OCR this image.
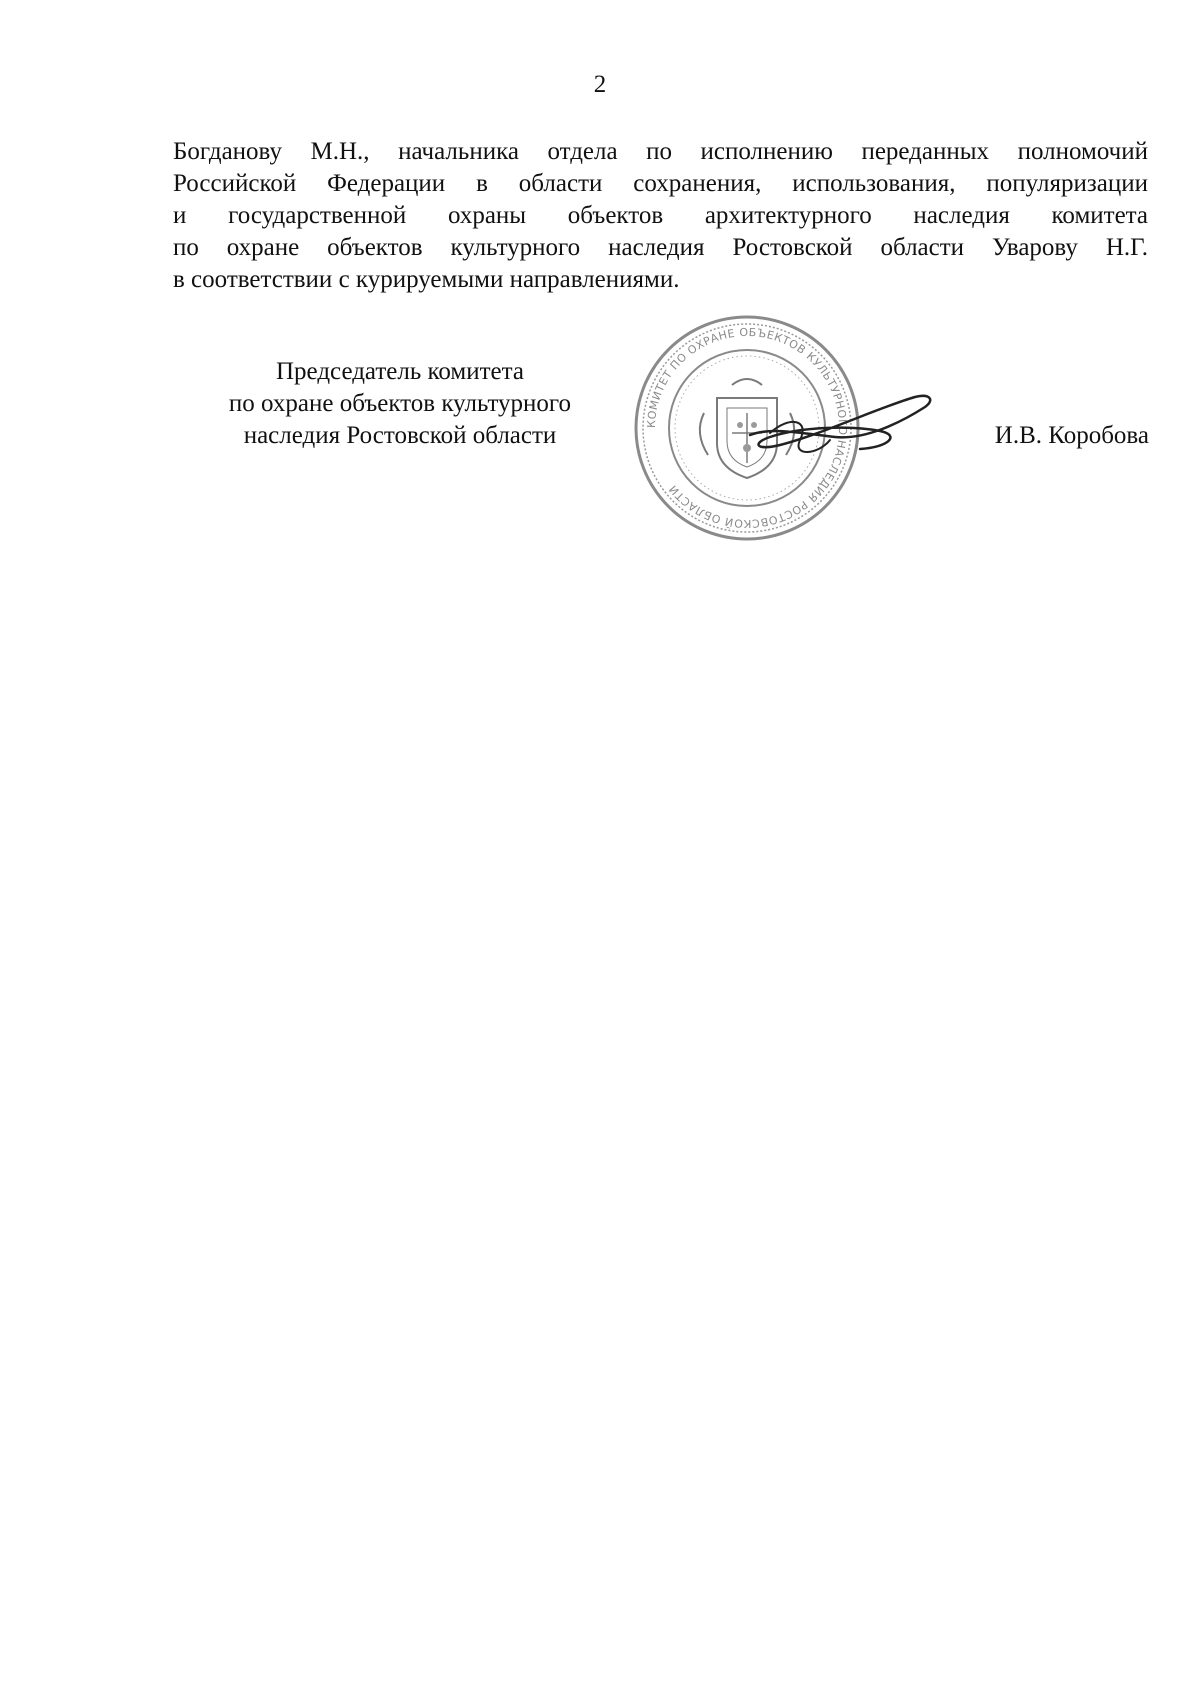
2

Богданову М.Н., начальника отдела по исполнению переданных полномочий
Российской Федерации в области сохранения, использования, популяризации
и государственной охраны объектов архитектурного наследия комитета
по охране объектов культурного наследия Ростовской области Уварову Н.Г.
в соответствии с курируемыми направлениями.

Председатель комитета
по охране объектов культурного
наследия Ростовской области	КОМИТЕТ ПО ОХРАНЕ ОБЪЕКТОВ КУЛЬТУРНОГО НАСЛЕДИЯ РОСТОВСКОЙ ОБЛАСТИ
И.В. Коробова
